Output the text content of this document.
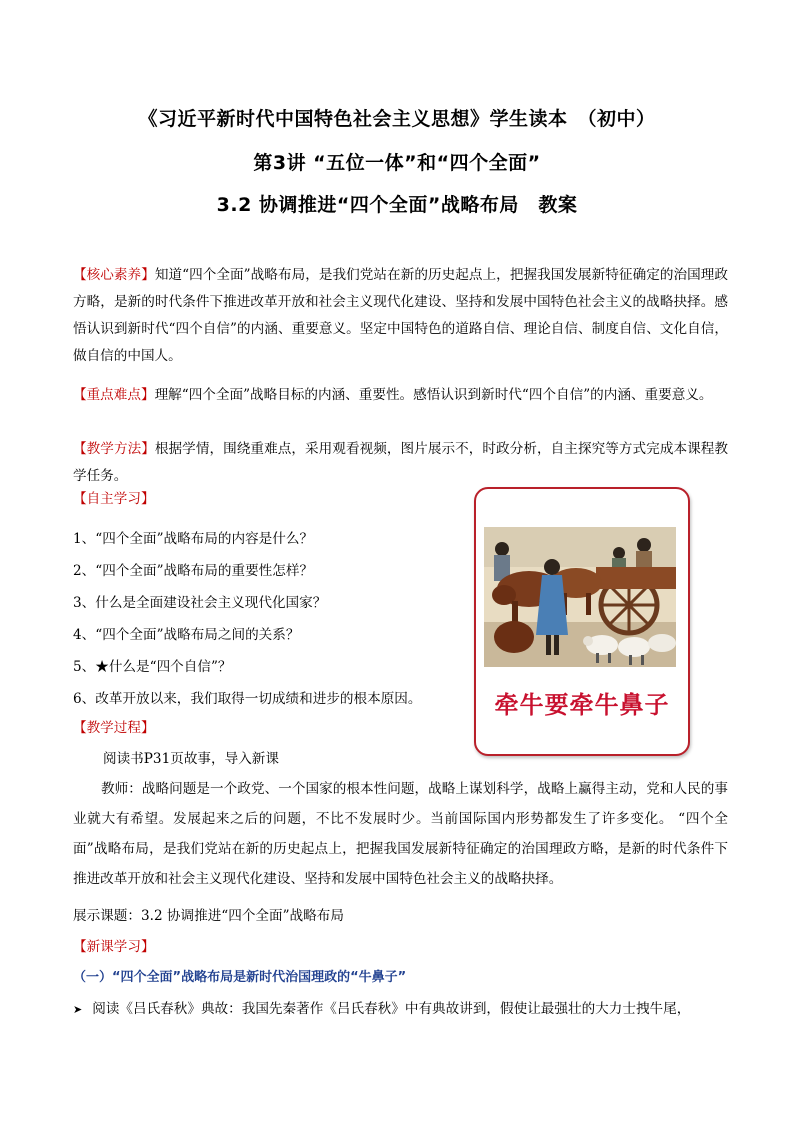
《习近平新时代中国特色社会主义思想》学生读本　（初中）
第3讲 “五位一体”和“四个全面”
3.2 协调推进“四个全面”战略布局　教案
【核心素养】知道“四个全面”战略布局，是我们党站在新的历史起点上，把握我国发展新特征确定的治国理政方略，是新的时代条件下推进改革开放和社会主义现代化建设、坚持和发展中国特色社会主义的战略抉择。感悟认识到新时代“四个自信”的内涵、重要意义。坚定中国特色的道路自信、理论自信、制度自信、文化自信，做自信的中国人。
【重点难点】理解“四个全面”战略目标的内涵、重要性。感悟认识到新时代“四个自信”的内涵、重要意义。
【教学方法】根据学情，围绕重难点，采用观看视频，图片展示不，时政分析，自主探究等方式完成本课程教学任务。
【自主学习】
1、“四个全面”战略布局的内容是什么？
2、“四个全面”战略布局的重要性怎样？
3、什么是全面建设社会主义现代化国家？
4、“四个全面”战略布局之间的关系？
5、★什么是“四个自信”？
6、改革开放以来，我们取得一切成绩和进步的根本原因。	牵牛要牵牛鼻子
【教学过程】
阅读书P31页故事，导入新课
教师：战略问题是一个政党、一个国家的根本性问题，战略上谋划科学，战略上赢得主动，党和人民的事业就大有希望。发展起来之后的问题，不比不发展时少。当前国际国内形势都发生了许多变化。 “四个全面”战略布局，是我们党站在新的历史起点上，把握我国发展新特征确定的治国理政方略，是新的时代条件下推进改革开放和社会主义现代化建设、坚持和发展中国特色社会主义的战略抉择。
展示课题：3.2 协调推进“四个全面”战略布局
【新课学习】
（一）“四个全面”战略布局是新时代治国理政的“牛鼻子”
➤ 阅读《吕氏春秋》典故：我国先秦著作《吕氏春秋》中有典故讲到，假使让最强壮的大力士拽牛尾，
